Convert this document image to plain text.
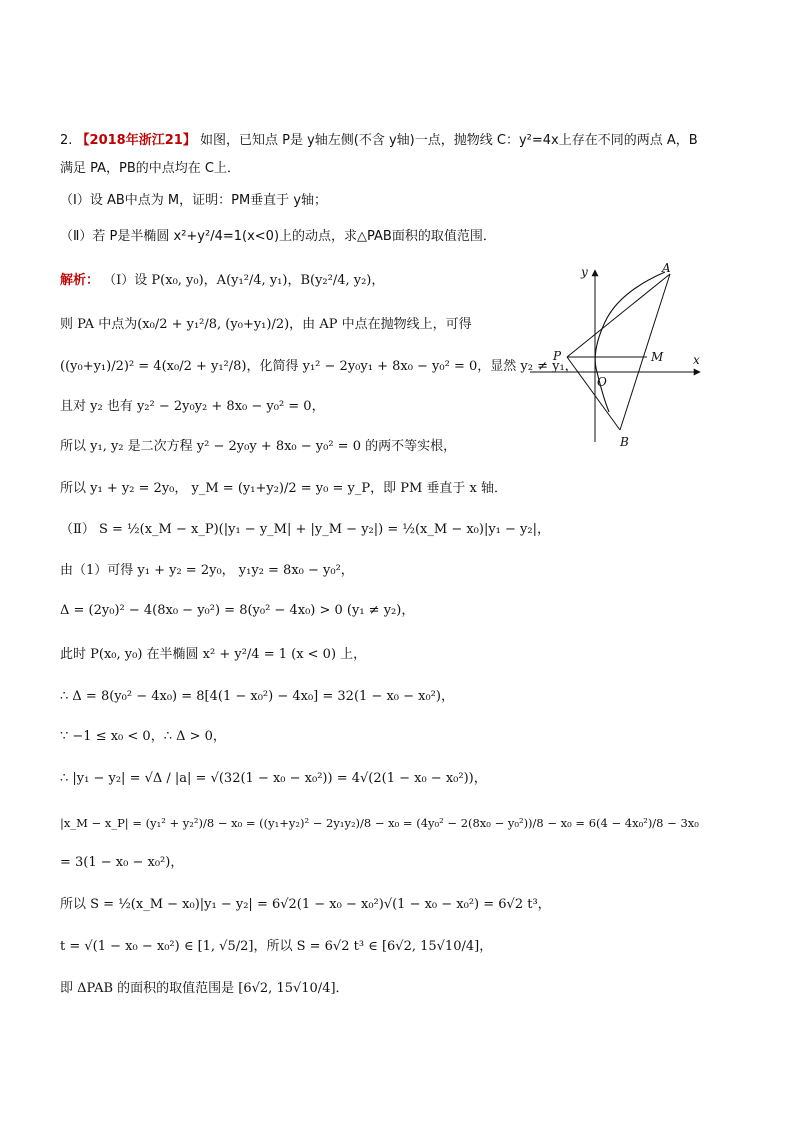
2. 【2018年浙江21】 如图，已知点 P是 y轴左侧(不含 y轴)一点，抛物线 C：y²=4x上存在不同的两点 A，B
满足 PA，PB的中点均在 C上．
（Ⅰ）设 AB中点为 M，证明：PM垂直于 y轴；
（Ⅱ）若 P是半椭圆 x²+y²/4=1(x<0)上的动点，求△PAB面积的取值范围．
解析： （Ⅰ）设 P(x₀, y₀)，A(y₁²/4, y₁)，B(y₂²/4, y₂)，
则 PA 中点为(x₀/2 + y₁²/8, (y₀+y₁)/2)，由 AP 中点在抛物线上，可得
((y₀+y₁)/2)² = 4(x₀/2 + y₁²/8)，化简得 y₁² − 2y₀y₁ + 8x₀ − y₀² = 0，显然 y₂ ≠ y₁，
且对 y₂ 也有 y₂² − 2y₀y₂ + 8x₀ − y₀² = 0，
所以 y₁, y₂ 是二次方程 y² − 2y₀y + 8x₀ − y₀² = 0 的两不等实根，
所以 y₁ + y₂ = 2y₀， y_M = (y₁+y₂)/2 = y₀ = y_P，即 PM 垂直于 x 轴．
（Ⅱ） S = ½(x_M − x_P)(|y₁ − y_M| + |y_M − y₂|) = ½(x_M − x₀)|y₁ − y₂|，
由（1）可得 y₁ + y₂ = 2y₀， y₁y₂ = 8x₀ − y₀²，
Δ = (2y₀)² − 4(8x₀ − y₀²) = 8(y₀² − 4x₀) > 0 (y₁ ≠ y₂)，
此时 P(x₀, y₀) 在半椭圆 x² + y²/4 = 1 (x < 0) 上，
∴ Δ = 8(y₀² − 4x₀) = 8[4(1 − x₀²) − 4x₀] = 32(1 − x₀ − x₀²)，
∵ −1 ≤ x₀ < 0，∴ Δ > 0，
∴ |y₁ − y₂| = √Δ / |a| = √(32(1 − x₀ − x₀²)) = 4√(2(1 − x₀ − x₀²))，
|x_M − x_P| = (y₁² + y₂²)/8 − x₀ = ((y₁+y₂)² − 2y₁y₂)/8 − x₀ = (4y₀² − 2(8x₀ − y₀²))/8 − x₀ = 6(4 − 4x₀²)/8 − 3x₀
= 3(1 − x₀ − x₀²)，
所以 S = ½(x_M − x₀)|y₁ − y₂| = 6√2(1 − x₀ − x₀²)√(1 − x₀ − x₀²) = 6√2 t³，
t = √(1 − x₀ − x₀²) ∈ [1, √5/2]，所以 S = 6√2 t³ ∈ [6√2, 15√10/4]，
即 ΔPAB 的面积的取值范围是 [6√2, 15√10/4]．
y
x
A
B
P	M
O
